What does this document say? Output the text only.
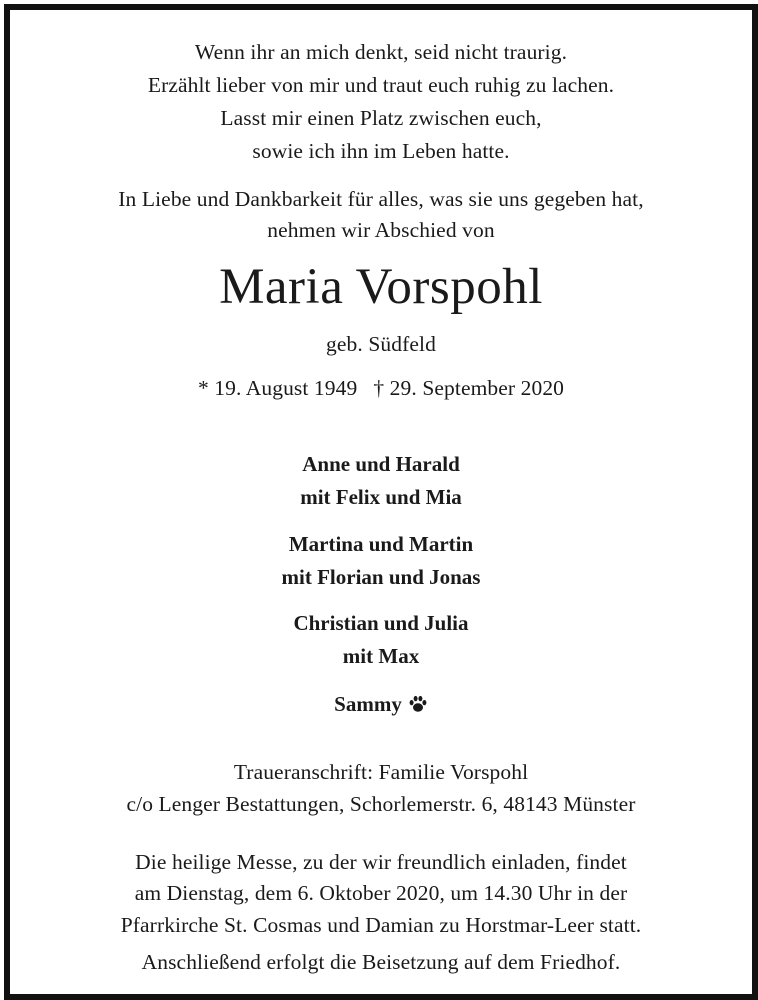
Wenn ihr an mich denkt, seid nicht traurig.
Erzählt lieber von mir und traut euch ruhig zu lachen.
Lasst mir einen Platz zwischen euch,
sowie ich ihn im Leben hatte.
In Liebe und Dankbarkeit für alles, was sie uns gegeben hat,
nehmen wir Abschied von
Maria Vorspohl
geb. Südfeld
* 19. August 1949 † 29. September 2020
Anne und Harald
mit Felix und Mia
Martina und Martin
mit Florian und Jonas
Christian und Julia
mit Max
Sammy
Traueranschrift: Familie Vorspohl
c/o Lenger Bestattungen, Schorlemerstr. 6, 48143 Münster
Die heilige Messe, zu der wir freundlich einladen, findet
am Dienstag, dem 6. Oktober 2020, um 14.30 Uhr in der
Pfarrkirche St. Cosmas und Damian zu Horstmar-Leer statt.
Anschließend erfolgt die Beisetzung auf dem Friedhof.
